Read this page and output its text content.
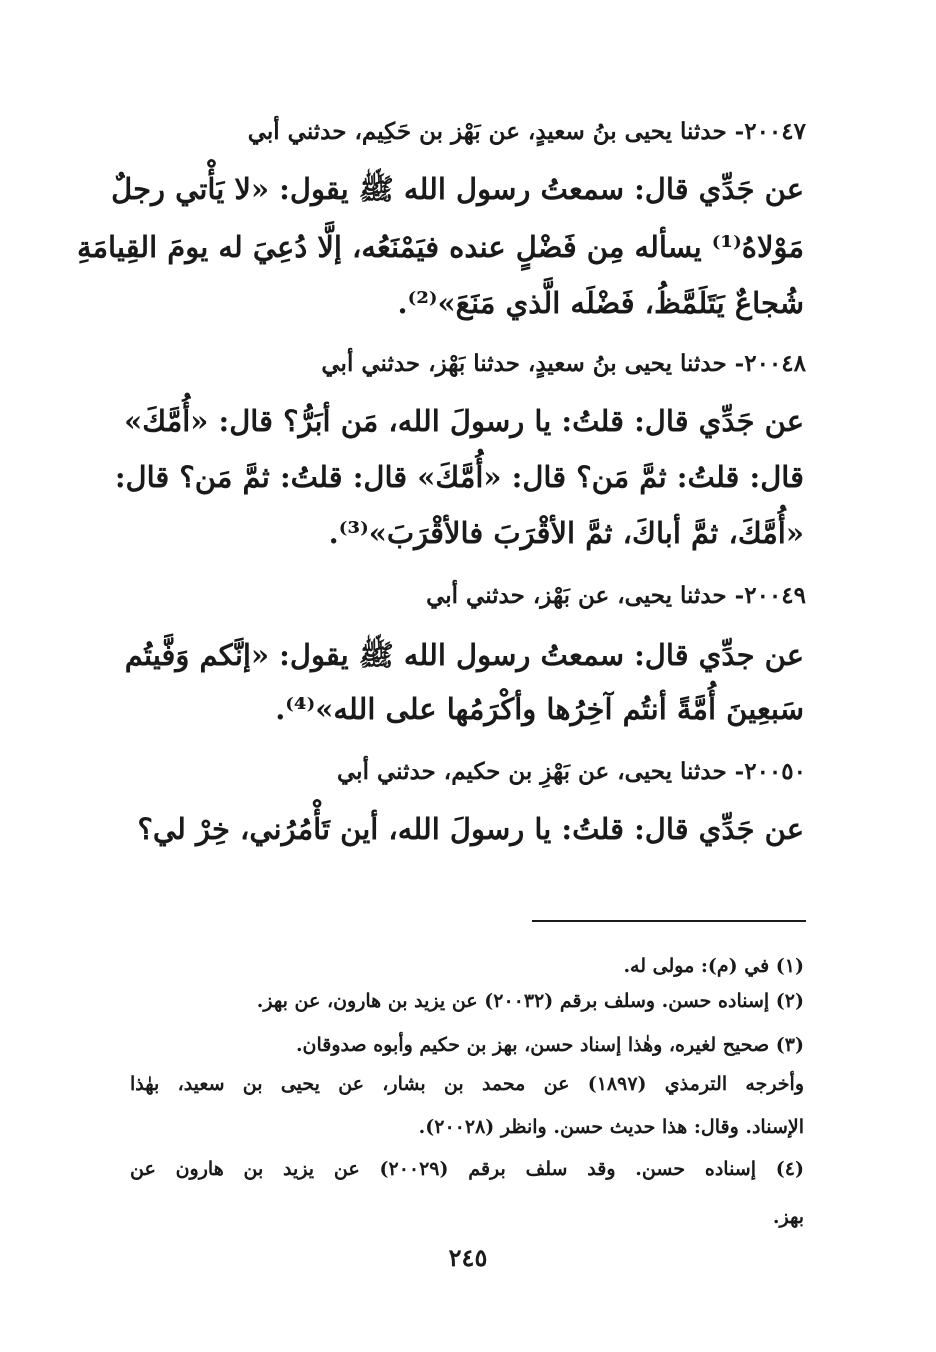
٢٠٠٤٧- حدثنا يحيى بنُ سعيدٍ، عن بَهْز بن حَكِيم، حدثني أبي
عن جَدِّي قال: سمعتُ رسول الله ﷺ يقول: «لا يَأْتي رجلٌ
مَوْلاهُ⁽¹⁾ يسأله مِن فَضْلٍ عنده فيَمْنَعُه، إلَّا دُعِيَ له يومَ القِيامَةِ
شُجاعٌ يَتَلَمَّظُ، فَضْلَه الَّذي مَنَعَ»⁽²⁾.
٢٠٠٤٨- حدثنا يحيى بنُ سعيدٍ، حدثنا بَهْز، حدثني أبي
عن جَدِّي قال: قلتُ: يا رسولَ الله، مَن أبَرُّ؟ قال: «أُمَّكَ»
قال: قلتُ: ثمَّ مَن؟ قال: «أُمَّكَ» قال: قلتُ: ثمَّ مَن؟ قال:
«أُمَّكَ، ثمَّ أباكَ، ثمَّ الأقْرَبَ فالأقْرَبَ»⁽³⁾.
٢٠٠٤٩- حدثنا يحيى، عن بَهْز، حدثني أبي
عن جدِّي قال: سمعتُ رسول الله ﷺ يقول: «إنَّكم وَفَّيتُم
سَبعِينَ أُمَّةً أنتُم آخِرُها وأكْرَمُها على الله»⁽⁴⁾.
٢٠٠٥٠- حدثنا يحيى، عن بَهْزِ بن حكيم، حدثني أبي
عن جَدِّي قال: قلتُ: يا رسولَ الله، أين تَأْمُرُني، خِرْ لي؟
(١) في (م): مولى له.
(٢) إسناده حسن. وسلف برقم (٢٠٠٣٢) عن يزيد بن هارون، عن بهز.
(٣) صحيح لغيره، وهٰذا إسناد حسن، بهز بن حكيم وأبوه صدوقان.
وأخرجه الترمذي (١٨٩٧) عن محمد بن بشار، عن يحيى بن سعيد، بهٰذا
الإسناد. وقال: هذا حديث حسن. وانظر (٢٠٠٢٨).
(٤) إسناده حسن. وقد سلف برقم (٢٠٠٢٩) عن يزيد بن هارون عن
بهز.
٢٤٥
